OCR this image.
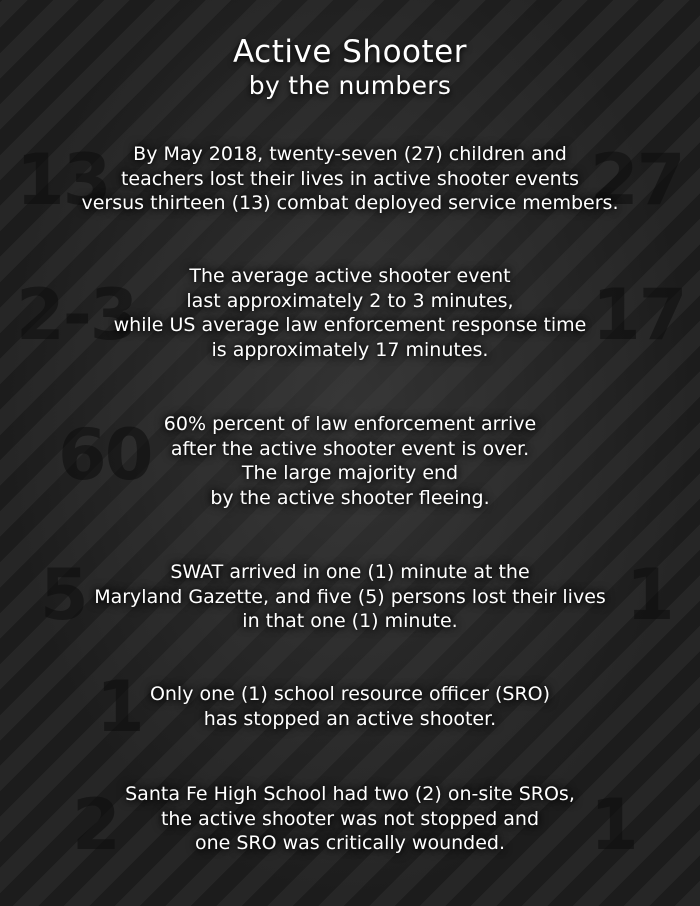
13	27
2-3	17
60
5	1
1
2	1
Active Shooter
by the numbers
By May 2018, twenty-seven (27) children and
teachers lost their lives in active shooter events
versus thirteen (13) combat deployed service members.
The average active shooter event
last approximately 2 to 3 minutes,
while US average law enforcement response time
is approximately 17 minutes.
60% percent of law enforcement arrive
after the active shooter event is over.
The large majority end
by the active shooter fleeing.
SWAT arrived in one (1) minute at the
Maryland Gazette, and five (5) persons lost their lives
in that one (1) minute.
Only one (1) school resource officer (SRO)
has stopped an active shooter.
Santa Fe High School had two (2) on-site SROs,
the active shooter was not stopped and
one SRO was critically wounded.
